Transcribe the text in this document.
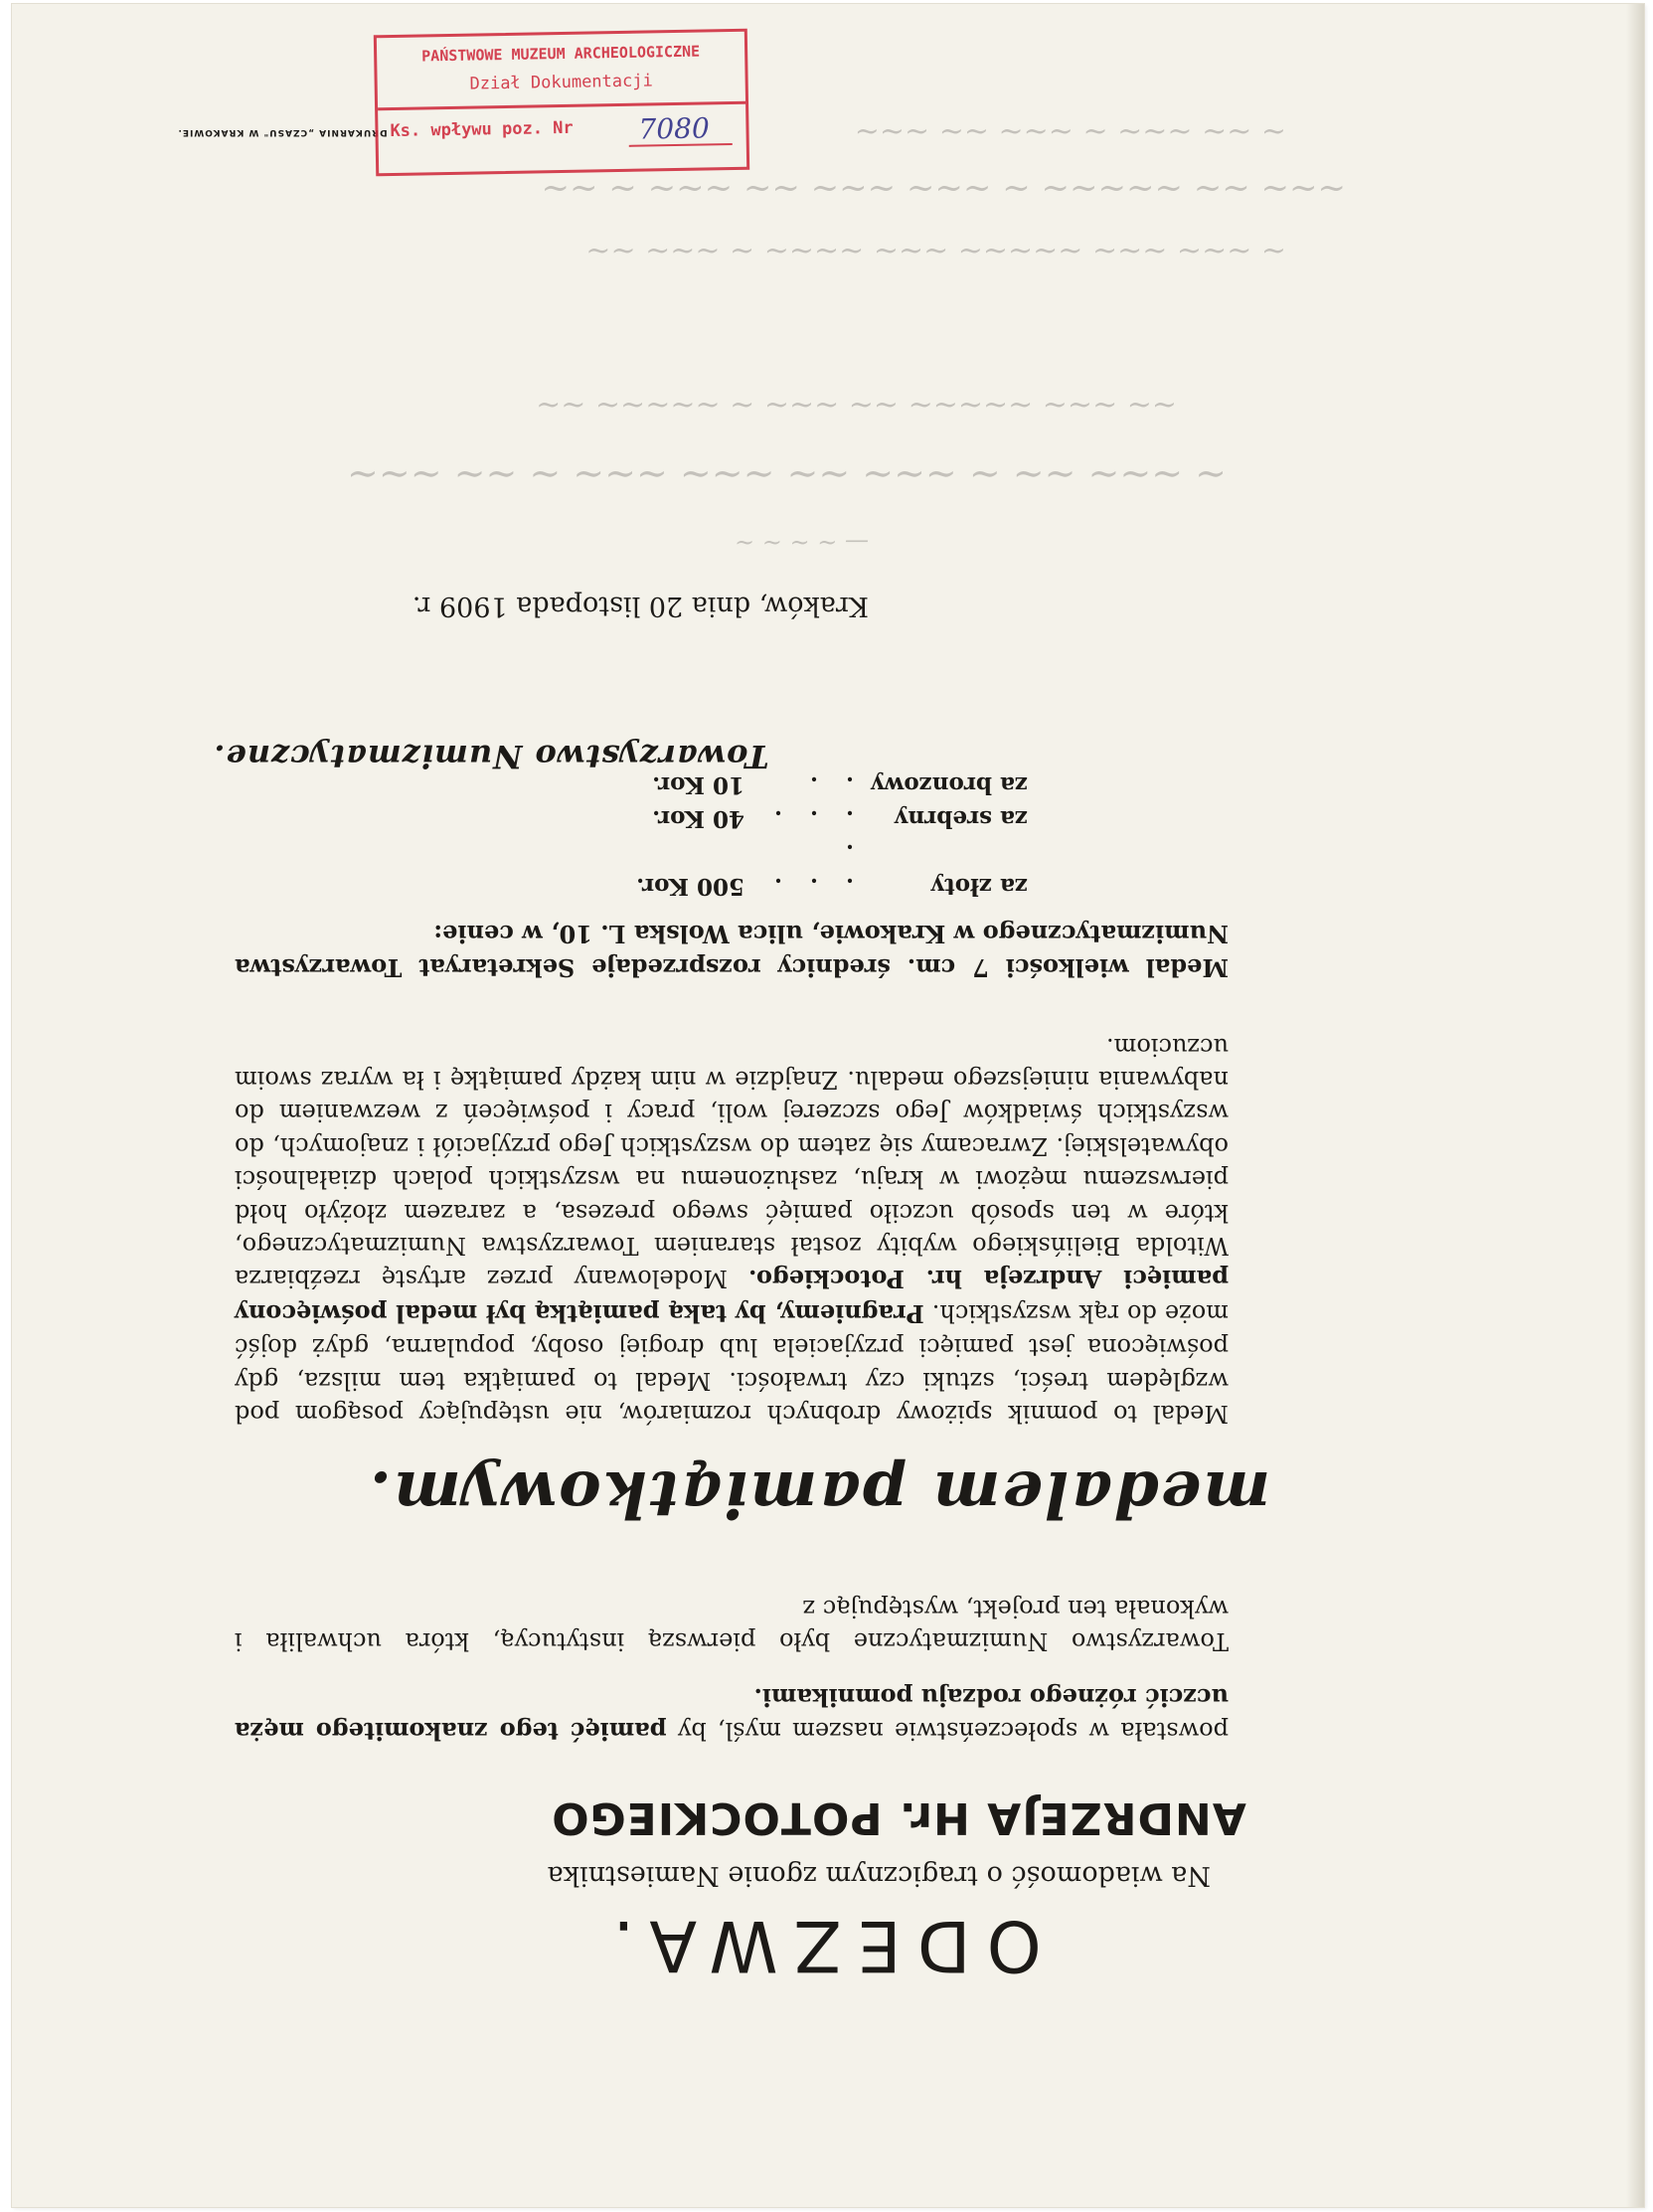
ODEZWA.
Na wiadomość o tragicznym zgonie Namiestnika
ANDRZEJA Hr. POTOCKIEGO
powstała w społeczeństwie naszem myśl, by pamięć tego znakomitego męża uczcić różnego rodzaju pomnikami.
Towarzystwo Numizmatyczne było pierwszą instytucyą, która uchwaliła i wykonała ten projekt, występując z
medalem pamiątkowym.
Medal to pomnik spiżowy drobnych rozmiarów, nie ustępujący posągom pod względem treści, sztuki czy trwałości. Medal to pamiątka tem milsza, gdy poświęcona jest pamięci przyjaciela lub drogiej osoby, popularna, gdyż dojść może do rąk wszystkich. Pragniemy, by taką pamiątką był medal poświęcony pamięci Andrzeja hr. Potockiego. Modelowany przez artystę rzeźbiarza Witolda Bielińskiego wybity został staraniem Towarzystwa Numizmatycznego, które w ten sposób uczciło pamięć swego prezesa, a zarazem złożyło hołd pierwszemu mężowi w kraju, zasłużonemu na wszystkich polach działalności obywatelskiej. Zwracamy się zatem do wszystkich Jego przyjaciół i znajomych, do wszystkich świadków Jego szczerej woli, pracy i poświęceń z wezwaniem do nabywania niniejszego medalu. Znajdzie w nim każdy pamiątkę i ła wyraz swoim uczuciom.
Medal wielkości 7 cm. średnicy rozsprzedaje Sekretaryat Towarzystwa Numizmatycznego w Krakowie, ulica Wolska L. 10, w cenie:
za złoty
. . . .
500 Kor.
za srebrny
. . .
40 Kor.
za bronzowy
. .
10 Kor.
Towarzystwo Numizmatyczne.
Kraków, dnia 20 listopada 1909 r.
— ~ ~ ~ ~
~ ~~~ ~~ ~ ~~~ ~~ ~~~ ~~~ ~ ~~ ~~~
~~ ~~~ ~~~~~ ~~ ~~~ ~ ~~~~~ ~~
~ ~~~ ~~~ ~~~~~ ~~~ ~~~~ ~ ~~~ ~~
~~~ ~~ ~~~~~ ~ ~~~ ~~~ ~~ ~~~ ~ ~~
~ ~~ ~~~ ~ ~~~ ~~ ~~~
DRUKARNIA „CZASU" W KRAKOWIE.
PAŃSTWOWE MUZEUM ARCHEOLOGICZNE
Dział Dokumentacji
Ks. wpływu poz. Nr	7080
